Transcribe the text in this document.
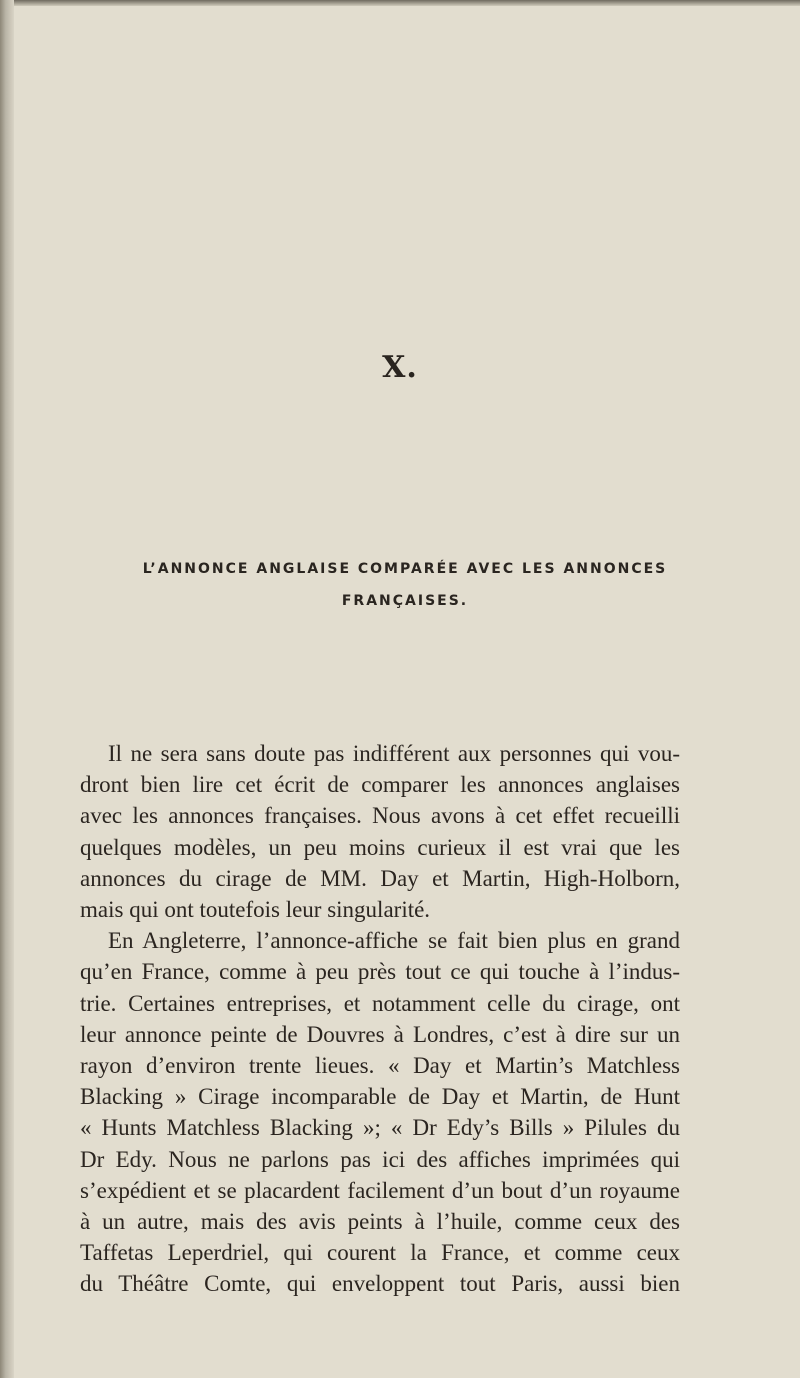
X.
L’ANNONCE ANGLAISE COMPARÉE AVEC LES ANNONCES
FRANÇAISES.
Il ne sera sans doute pas indifférent aux personnes qui vou-
dront bien lire cet écrit de comparer les annonces anglaises
avec les annonces françaises. Nous avons à cet effet recueilli
quelques modèles, un peu moins curieux il est vrai que les
annonces du cirage de MM. Day et Martin, High-Holborn,
mais qui ont toutefois leur singularité.
En Angleterre, l’annonce-affiche se fait bien plus en grand
qu’en France, comme à peu près tout ce qui touche à l’indus-
trie. Certaines entreprises, et notamment celle du cirage, ont
leur annonce peinte de Douvres à Londres, c’est à dire sur un
rayon d’environ trente lieues. « Day et Martin’s Matchless
Blacking » Cirage incomparable de Day et Martin, de Hunt
« Hunts Matchless Blacking »; « Dr Edy’s Bills » Pilules du
Dr Edy. Nous ne parlons pas ici des affiches imprimées qui
s’expédient et se placardent facilement d’un bout d’un royaume
à un autre, mais des avis peints à l’huile, comme ceux des
Taffetas Leperdriel, qui courent la France, et comme ceux
du Théâtre Comte, qui enveloppent tout Paris, aussi bien
